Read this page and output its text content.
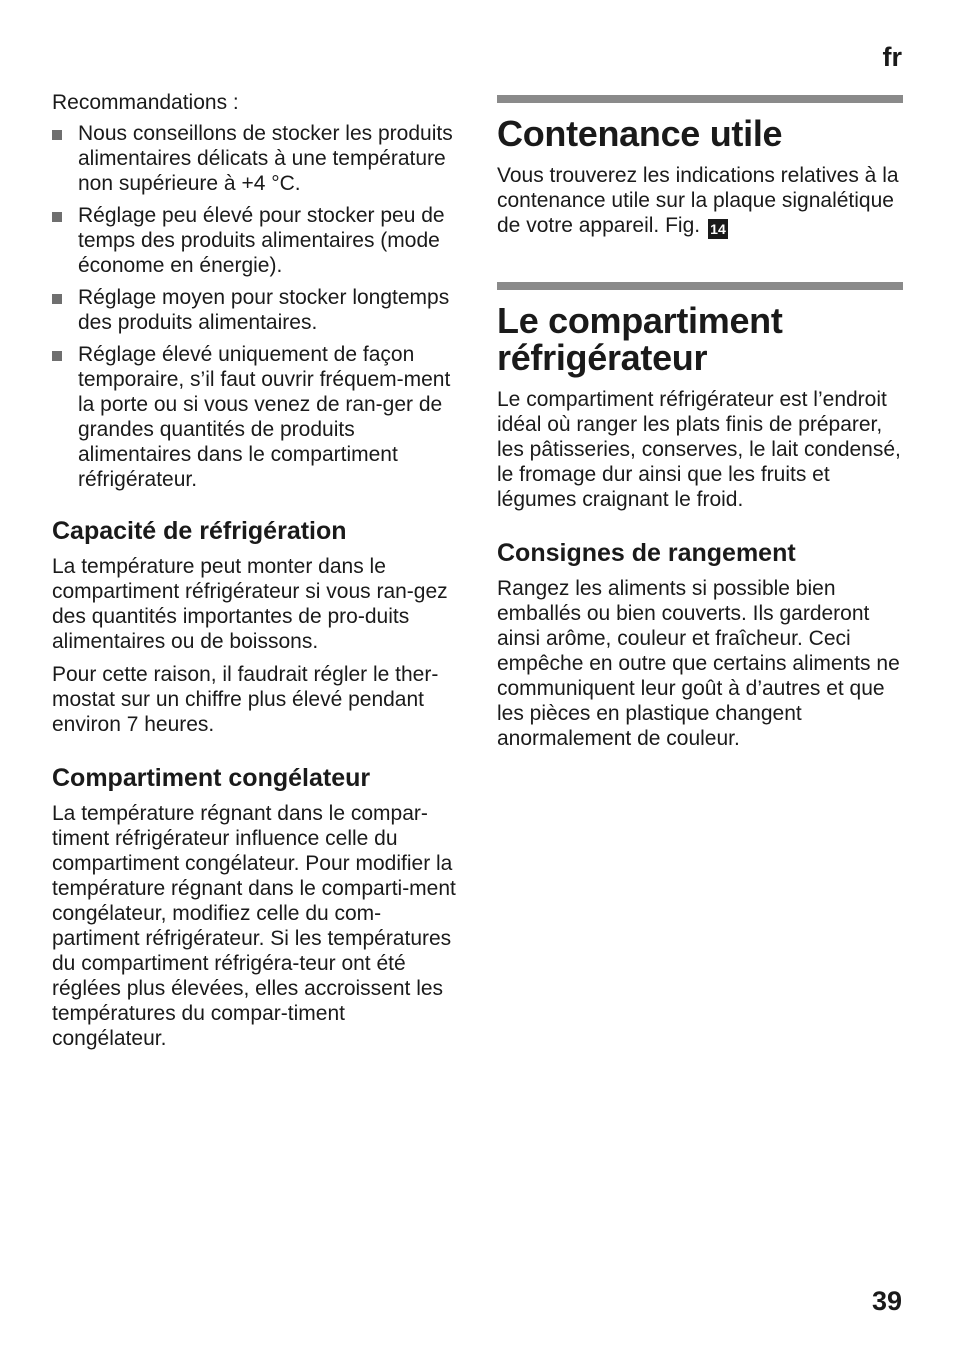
fr

Recommandations :

Nous conseillons de stocker les produits alimentaires délicats à une température non supérieure à +4 °C.
Réglage peu élevé pour stocker peu de temps des produits alimentaires (mode économe en énergie).
Réglage moyen pour stocker longtemps des produits alimentaires.
Réglage élevé uniquement de façon temporaire, s’il faut ouvrir fréquem-ment la porte ou si vous venez de ran-ger de grandes quantités de produits alimentaires dans le compartiment réfrigérateur.
Capacité de réfrigération

La température peut monter dans le compartiment réfrigérateur si vous ran-gez des quantités importantes de pro-duits alimentaires ou de boissons.

Pour cette raison, il faudrait régler le ther-mostat sur un chiffre plus élevé pendant environ 7 heures.

Compartiment congélateur

La température régnant dans le compar-timent réfrigérateur influence celle du compartiment congélateur. Pour modifier la température régnant dans le comparti-ment congélateur, modifiez celle du com-partiment réfrigérateur. Si les températures du compartiment réfrigéra-teur ont été réglées plus élevées, elles accroissent les températures du compar-timent congélateur.

Contenance utile

Vous trouverez les indications relatives à la contenance utile sur la plaque signalétique de votre appareil. Fig. 14

Le compartiment réfrigérateur

Le compartiment réfrigérateur est l’endroit idéal où ranger les plats finis de préparer, les pâtisseries, conserves, le lait condensé, le fromage dur ainsi que les fruits et légumes craignant le froid.

Consignes de rangement

Rangez les aliments si possible bien emballés ou bien couverts. Ils garderont ainsi arôme, couleur et fraîcheur. Ceci empêche en outre que certains aliments ne communiquent leur goût à d’autres et que les pièces en plastique changent anormalement de couleur.

39
